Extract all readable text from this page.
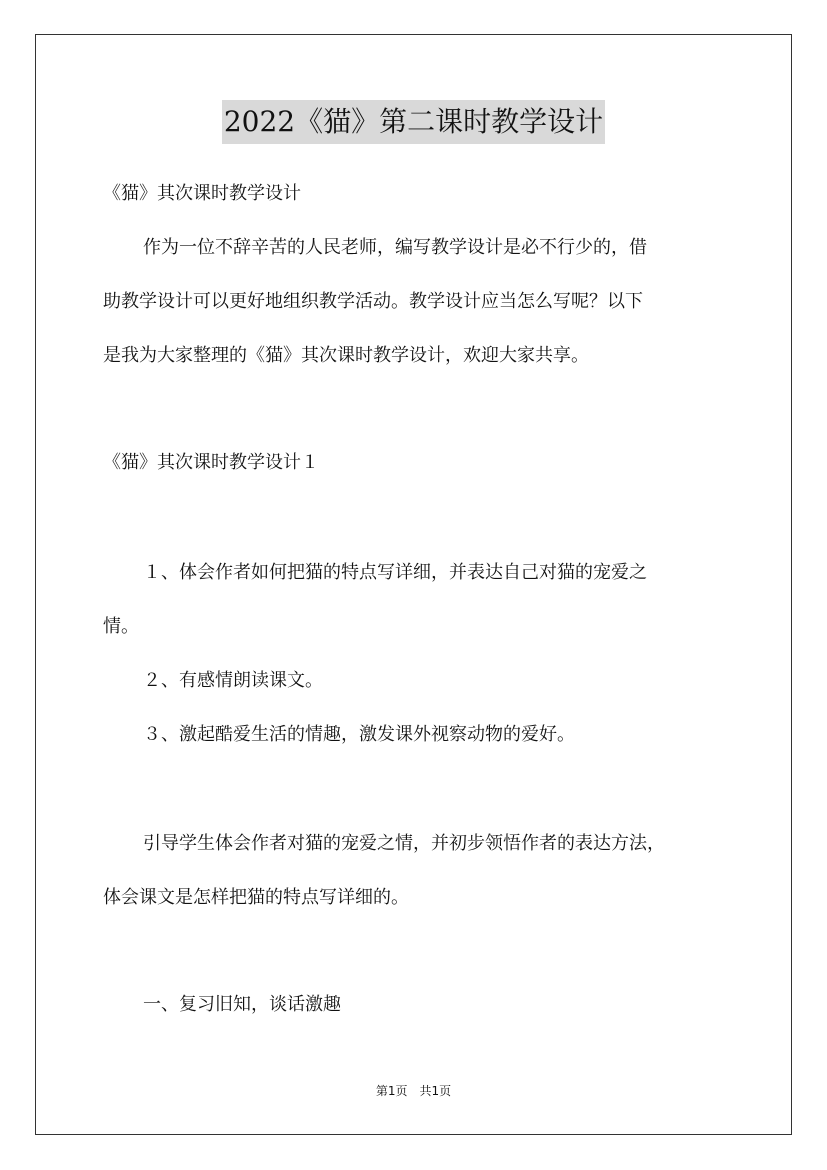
2022《猫》第二课时教学设计
《猫》其次课时教学设计
作为一位不辞辛苦的人民老师，编写教学设计是必不行少的，借
助教学设计可以更好地组织教学活动。教学设计应当怎么写呢？以下
是我为大家整理的《猫》其次课时教学设计，欢迎大家共享。
《猫》其次课时教学设计１
１、体会作者如何把猫的特点写详细，并表达自己对猫的宠爱之
情。
２、有感情朗读课文。
３、激起酷爱生活的情趣，激发课外视察动物的爱好。
引导学生体会作者对猫的宠爱之情，并初步领悟作者的表达方法，
体会课文是怎样把猫的特点写详细的。
一、复习旧知，谈话激趣
第1页　共1页
